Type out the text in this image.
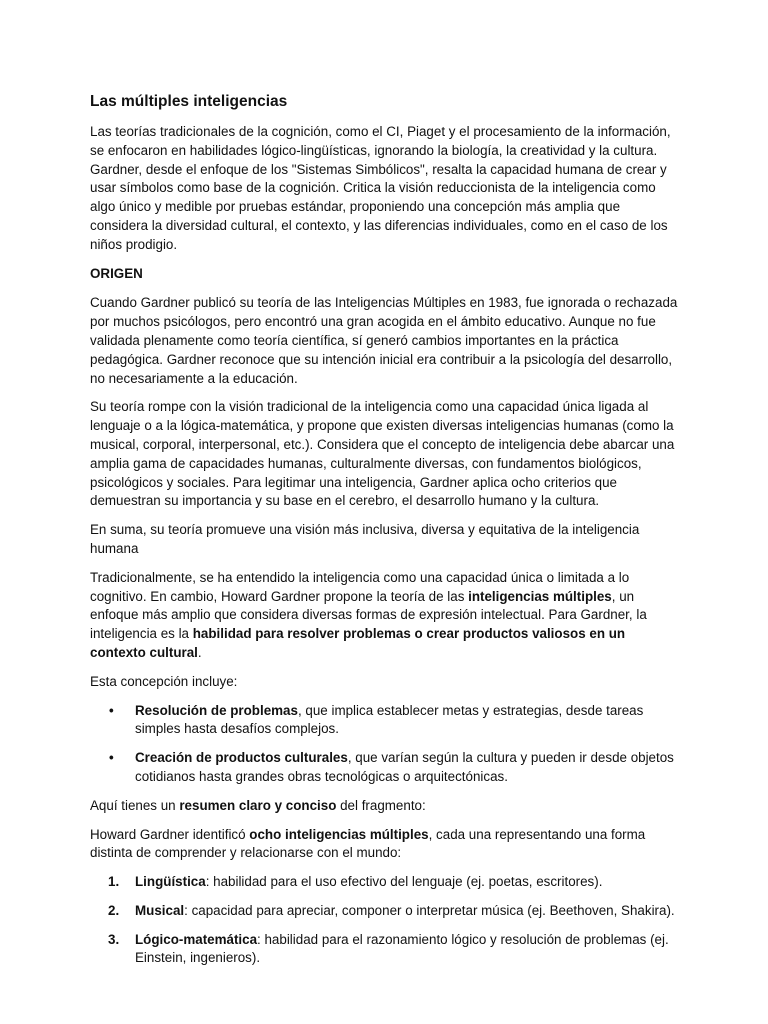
Las múltiples inteligencias

Las teorías tradicionales de la cognición, como el CI, Piaget y el procesamiento de la información, se enfocaron en habilidades lógico-lingüísticas, ignorando la biología, la creatividad y la cultura. Gardner, desde el enfoque de los "Sistemas Simbólicos", resalta la capacidad humana de crear y usar símbolos como base de la cognición. Critica la visión reduccionista de la inteligencia como algo único y medible por pruebas estándar, proponiendo una concepción más amplia que considera la diversidad cultural, el contexto, y las diferencias individuales, como en el caso de los niños prodigio.

ORIGEN

Cuando Gardner publicó su teoría de las Inteligencias Múltiples en 1983, fue ignorada o rechazada por muchos psicólogos, pero encontró una gran acogida en el ámbito educativo. Aunque no fue validada plenamente como teoría científica, sí generó cambios importantes en la práctica pedagógica. Gardner reconoce que su intención inicial era contribuir a la psicología del desarrollo, no necesariamente a la educación.

Su teoría rompe con la visión tradicional de la inteligencia como una capacidad única ligada al lenguaje o a la lógica-matemática, y propone que existen diversas inteligencias humanas (como la musical, corporal, interpersonal, etc.). Considera que el concepto de inteligencia debe abarcar una amplia gama de capacidades humanas, culturalmente diversas, con fundamentos biológicos, psicológicos y sociales. Para legitimar una inteligencia, Gardner aplica ocho criterios que demuestran su importancia y su base en el cerebro, el desarrollo humano y la cultura.

En suma, su teoría promueve una visión más inclusiva, diversa y equitativa de la inteligencia humana

Tradicionalmente, se ha entendido la inteligencia como una capacidad única o limitada a lo cognitivo. En cambio, Howard Gardner propone la teoría de las inteligencias múltiples, un enfoque más amplio que considera diversas formas de expresión intelectual. Para Gardner, la inteligencia es la habilidad para resolver problemas o crear productos valiosos en un contexto cultural.

Esta concepción incluye:

• Resolución de problemas, que implica establecer metas y estrategias, desde tareas simples hasta desafíos complejos.
• Creación de productos culturales, que varían según la cultura y pueden ir desde objetos cotidianos hasta grandes obras tecnológicas o arquitectónicas.

Aquí tienes un resumen claro y conciso del fragmento:

Howard Gardner identificó ocho inteligencias múltiples, cada una representando una forma distinta de comprender y relacionarse con el mundo:

1. Lingüística: habilidad para el uso efectivo del lenguaje (ej. poetas, escritores).
2. Musical: capacidad para apreciar, componer o interpretar música (ej. Beethoven, Shakira).
3. Lógico-matemática: habilidad para el razonamiento lógico y resolución de problemas (ej. Einstein, ingenieros).
